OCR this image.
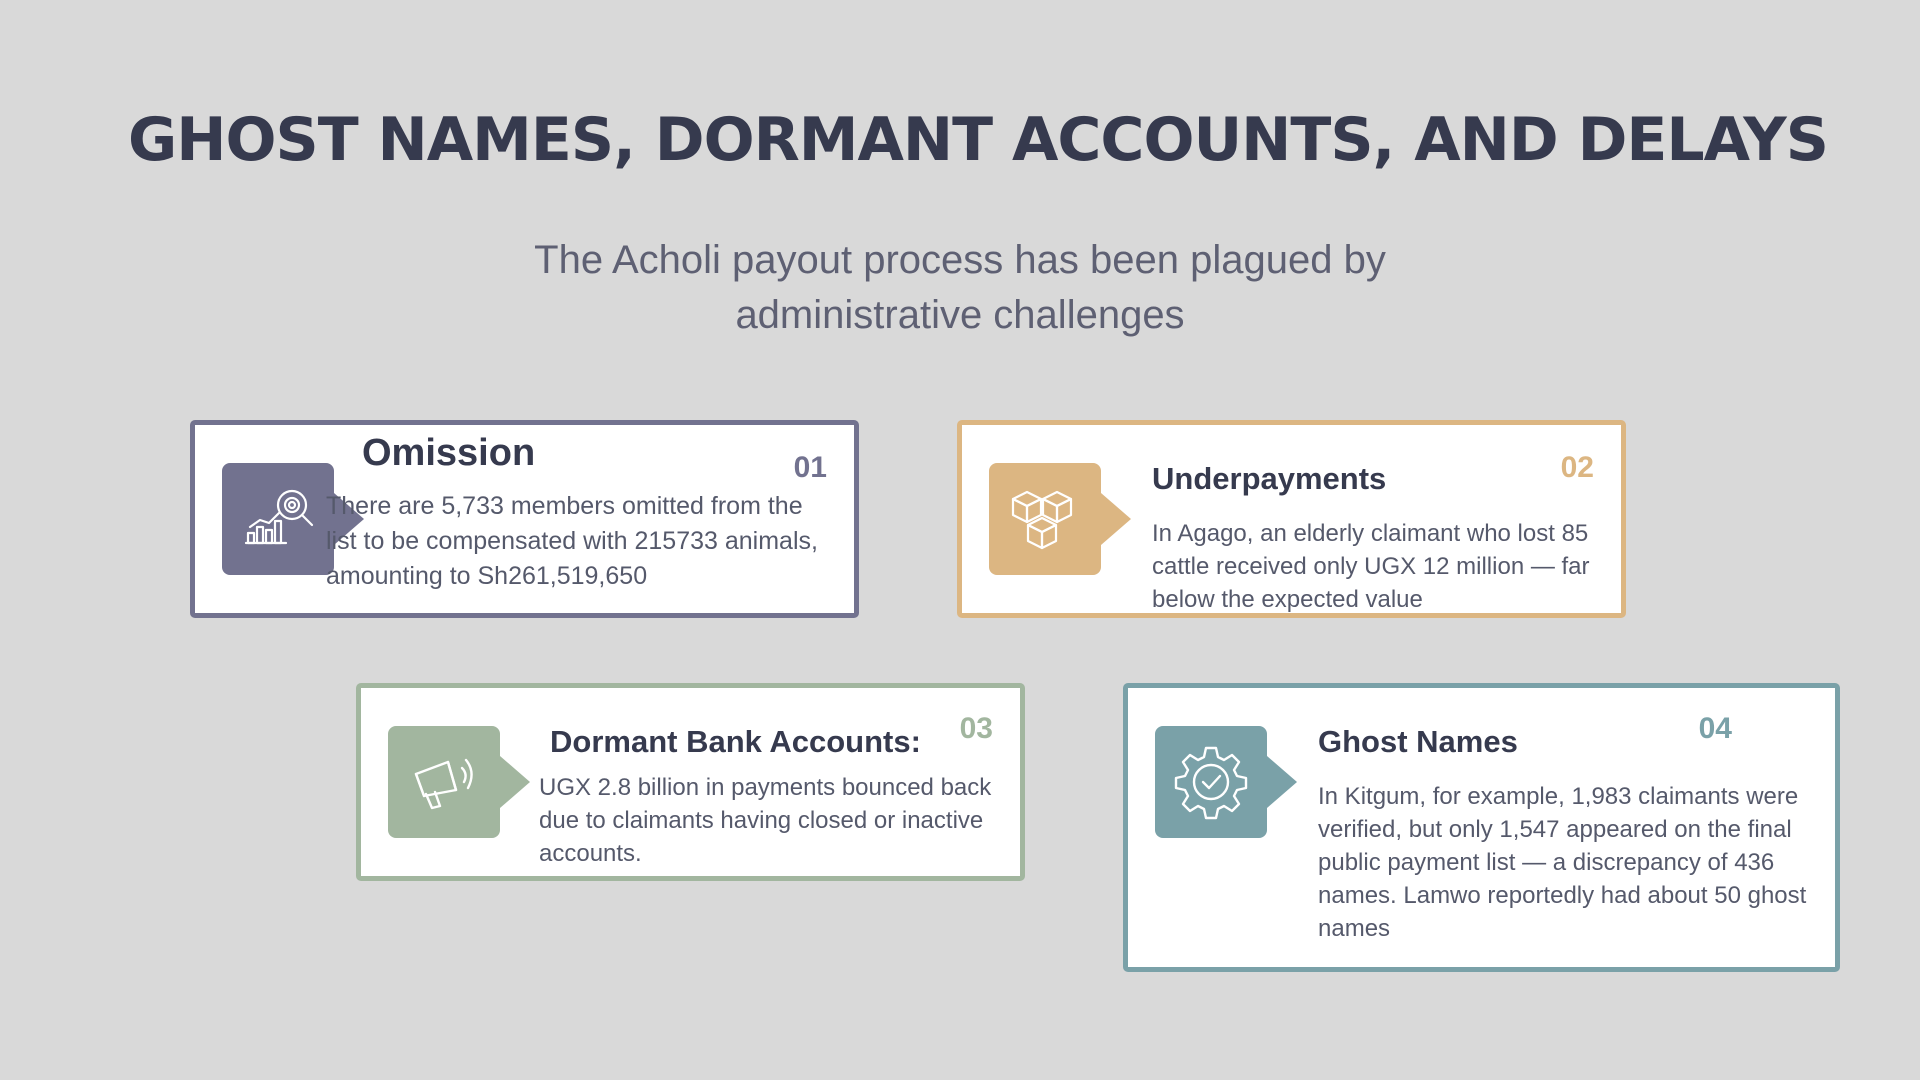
GHOST NAMES, DORMANT ACCOUNTS, AND DELAYS
The Acholi payout process has been plagued by administrative challenges
01
Omission
There are 5,733 members omitted from the list to be compensated with 215733 animals, amounting to Sh261,519,650
02
Underpayments
In Agago, an elderly claimant who lost 85 cattle received only UGX 12 million — far below the expected value
03
Dormant Bank Accounts:
UGX 2.8 billion in payments bounced back due to claimants having closed or inactive accounts.
04
Ghost Names
In Kitgum, for example, 1,983 claimants were verified, but only 1,547 appeared on the final public payment list — a discrepancy of 436 names. Lamwo reportedly had about 50 ghost names
